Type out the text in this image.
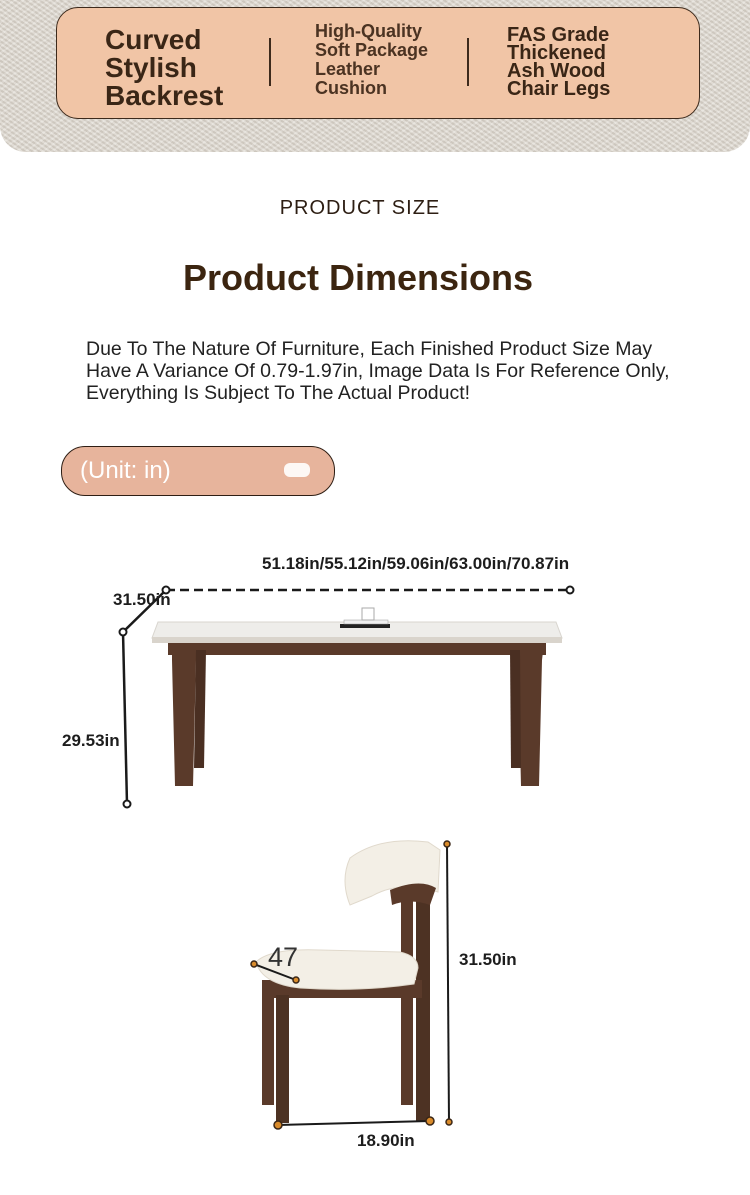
Curved
Stylish
Backrest
High-Quality
Soft Package
Leather
Cushion
FAS Grade
Thickened
Ash Wood
Chair Legs
PRODUCT SIZE
Product Dimensions
Due To The Nature Of Furniture, Each Finished Product Size May Have A Variance Of 0.79-1.97in, Image Data Is For Reference Only, Everything Is Subject To The Actual Product!
(Unit: in)
51.18in/55.12in/59.06in/63.00in/70.87in
31.50in
29.53in
47	31.50in
18.90in
